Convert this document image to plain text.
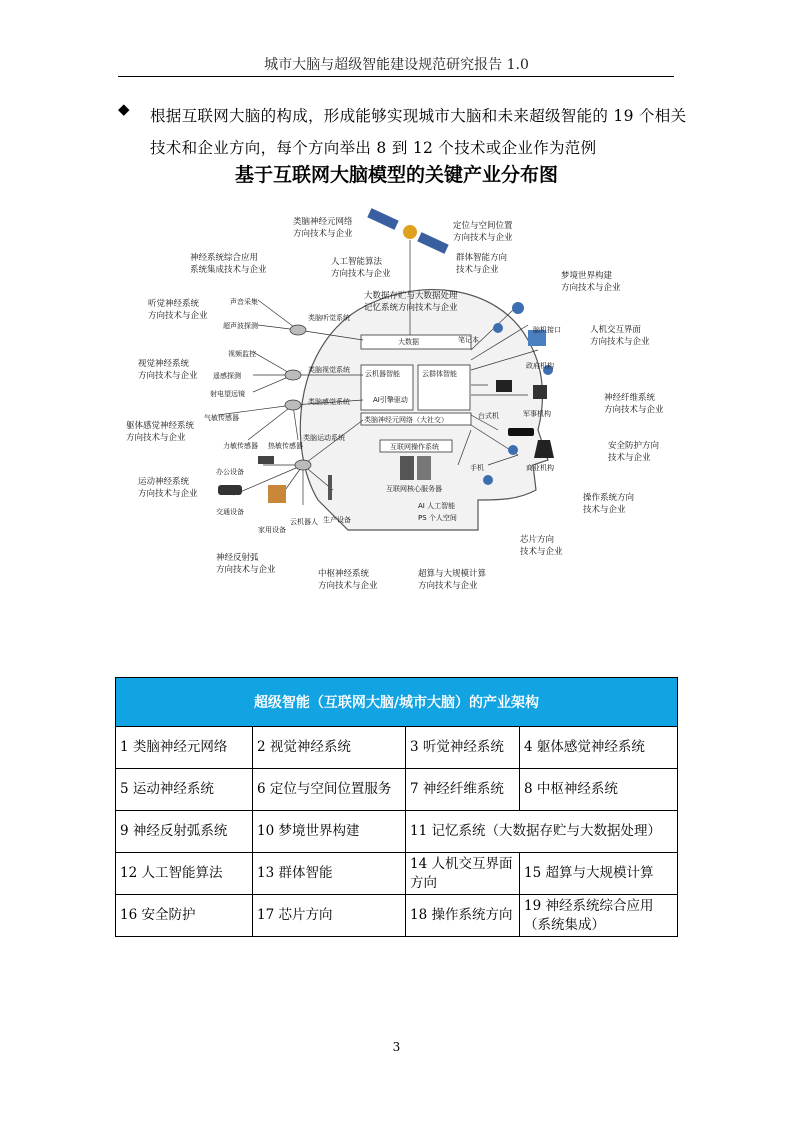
城市大脑与超级智能建设规范研究报告 1.0
◆ 根据互联网大脑的构成，形成能够实现城市大脑和未来超级智能的 19 个相关技术和企业方向，每个方向举出 8 到 12 个技术或企业作为范例
基于互联网大脑模型的关键产业分布图
类脑神经元网络
方向技术与企业
定位与空间位置
方向技术与企业
神经系统综合应用
系统集成技术与企业
人工智能算法
方向技术与企业
群体智能方向
技术与企业
梦境世界构建
方向技术与企业
听觉神经系统
方向技术与企业
大数据存贮与大数据处理
记忆系统方向技术与企业
人机交互界面
方向技术与企业
视觉神经系统
方向技术与企业
神经纤维系统
方向技术与企业
躯体感觉神经系统
方向技术与企业
安全防护方向
技术与企业
运动神经系统
方向技术与企业	操作系统方向
技术与企业
芯片方向
技术与企业
神经反射弧
方向技术与企业	中枢神经系统
方向技术与企业
超算与大规模计算
方向技术与企业
声音采集
超声波探测
视频监控
遥感探测
射电望远镜
气敏传感器
力敏传感器 热敏传感器
办公设备
交通设备
家用设备
云机器人 生产设备
笔记本
脑机接口
政府机构
台式机	军事机构
手机	商业机构
大数据
云机器智能	云群体智能
AI引擎驱动
类脑神经元网络（大社交）
互联网操作系统
互联网核心服务器
AI 人工智能
PS 个人空间
类脑听觉系统
类脑视觉系统
类脑感觉系统
类脑运动系统
超级智能（互联网大脑/城市大脑）的产业架构			
1 类脑神经元网络	2 视觉神经系统	3 听觉神经系统	4 躯体感觉神经系统
5 运动神经系统	6 定位与空间位置服务	7 神经纤维系统	8 中枢神经系统
9 神经反射弧系统	10 梦境世界构建	11 记忆系统（大数据存贮与大数据处理）	
12 人工智能算法	13 群体智能	14 人机交互界面方向	15 超算与大规模计算
16 安全防护	17 芯片方向	18 操作系统方向	19 神经系统综合应用（系统集成）
3
